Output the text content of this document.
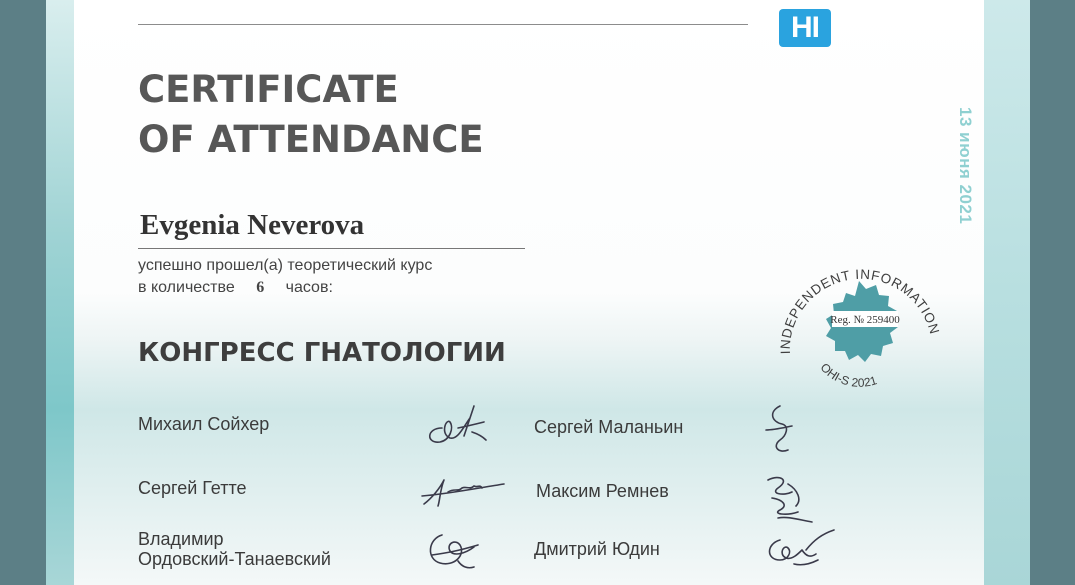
HI
CERTIFICATE
OF ATTENDANCE
Evgenia Neverova
успешно прошел(а) теоретический курс
в количестве 6 часов:
КОНГРЕСС ГНАТОЛОГИИ
13 июня 2021
INDEPENDENT INFORMATION
Reg. № 259400
OHI-S 2021
Михаил Сойхер	Сергей Маланьин
Сергей Гетте	Максим Ремнев
Владимир
Ордовский-Танаевский	Дмитрий Юдин
